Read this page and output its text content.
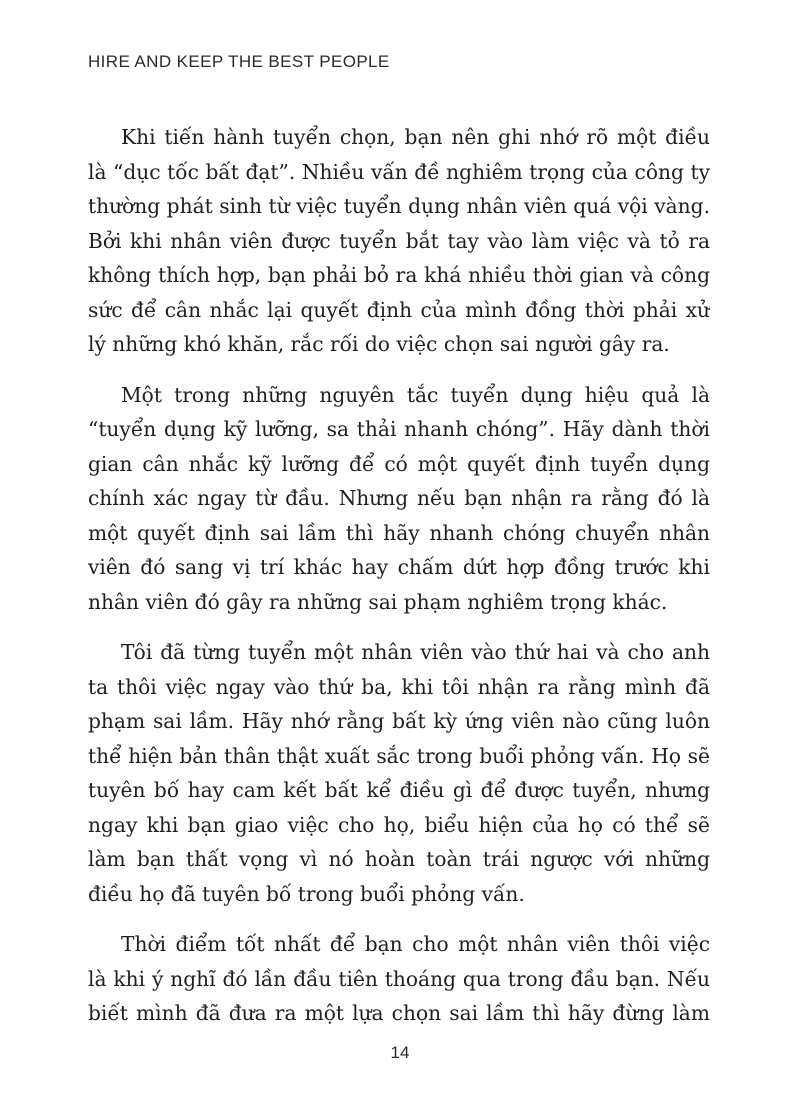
HIRE AND KEEP THE BEST PEOPLE
Khi tiến hành tuyển chọn, bạn nên ghi nhớ rõ một điều
là “dục tốc bất đạt”. Nhiều vấn đề nghiêm trọng của công ty
thường phát sinh từ việc tuyển dụng nhân viên quá vội vàng.
Bởi khi nhân viên được tuyển bắt tay vào làm việc và tỏ ra
không thích hợp, bạn phải bỏ ra khá nhiều thời gian và công
sức để cân nhắc lại quyết định của mình đồng thời phải xử
lý những khó khăn, rắc rối do việc chọn sai người gây ra.
Một trong những nguyên tắc tuyển dụng hiệu quả là
“tuyển dụng kỹ lưỡng, sa thải nhanh chóng”. Hãy dành thời
gian cân nhắc kỹ lưỡng để có một quyết định tuyển dụng
chính xác ngay từ đầu. Nhưng nếu bạn nhận ra rằng đó là
một quyết định sai lầm thì hãy nhanh chóng chuyển nhân
viên đó sang vị trí khác hay chấm dứt hợp đồng trước khi
nhân viên đó gây ra những sai phạm nghiêm trọng khác.
Tôi đã từng tuyển một nhân viên vào thứ hai và cho anh
ta thôi việc ngay vào thứ ba, khi tôi nhận ra rằng mình đã
phạm sai lầm. Hãy nhớ rằng bất kỳ ứng viên nào cũng luôn
thể hiện bản thân thật xuất sắc trong buổi phỏng vấn. Họ sẽ
tuyên bố hay cam kết bất kể điều gì để được tuyển, nhưng
ngay khi bạn giao việc cho họ, biểu hiện của họ có thể sẽ
làm bạn thất vọng vì nó hoàn toàn trái ngược với những
điều họ đã tuyên bố trong buổi phỏng vấn.
Thời điểm tốt nhất để bạn cho một nhân viên thôi việc
là khi ý nghĩ đó lần đầu tiên thoáng qua trong đầu bạn. Nếu
biết mình đã đưa ra một lựa chọn sai lầm thì hãy đừng làm
14
